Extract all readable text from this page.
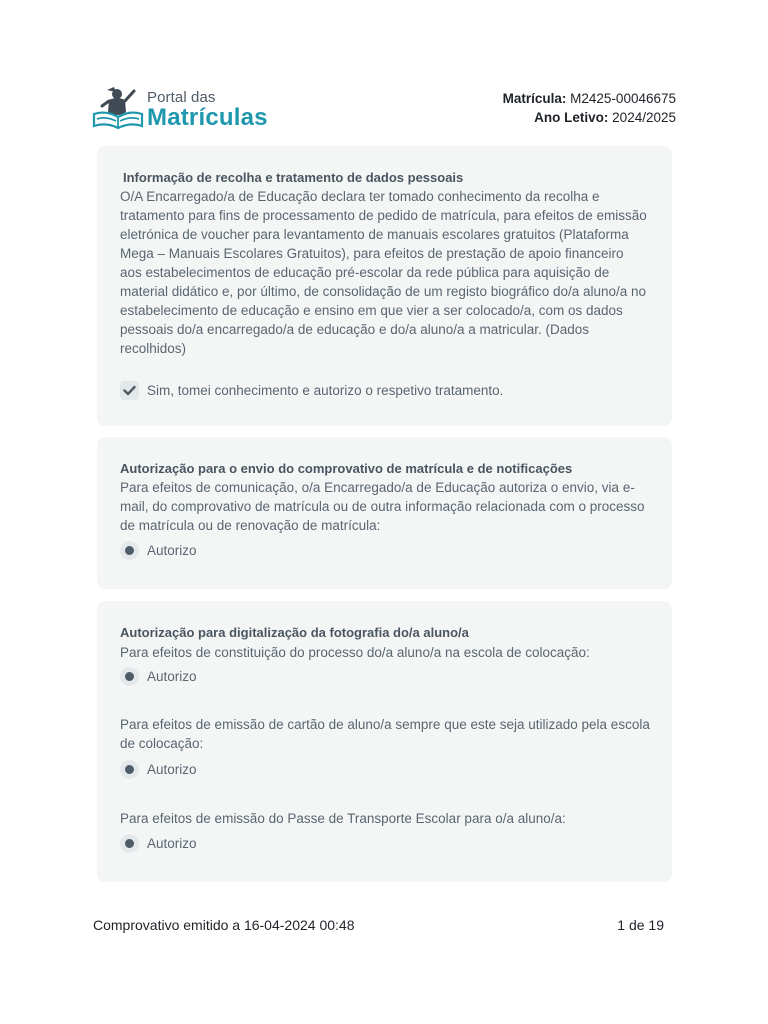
Portal das
Matrículas
Matrícula: M2425-00046675
Ano Letivo: 2024/2025
Informação de recolha e tratamento de dados pessoais
O/A Encarregado/a de Educação declara ter tomado conhecimento da recolha e tratamento para fins de processamento de pedido de matrícula, para efeitos de emissão eletrónica de voucher para levantamento de manuais escolares gratuitos (Plataforma Mega – Manuais Escolares Gratuitos), para efeitos de prestação de apoio financeiro aos estabelecimentos de educação pré-escolar da rede pública para aquisição de material didático e, por último, de consolidação de um registo biográfico do/a aluno/a no estabelecimento de educação e ensino em que vier a ser colocado/a, com os dados pessoais do/a encarregado/a de educação e do/a aluno/a a matricular. (Dados recolhidos)
Sim, tomei conhecimento e autorizo o respetivo tratamento.
Autorização para o envio do comprovativo de matrícula e de notificações
Para efeitos de comunicação, o/a Encarregado/a de Educação autoriza o envio, via e-mail, do comprovativo de matrícula ou de outra informação relacionada com o processo de matrícula ou de renovação de matrícula:
Autorizo
Autorização para digitalização da fotografia do/a aluno/a
Para efeitos de constituição do processo do/a aluno/a na escola de colocação:
Autorizo
Para efeitos de emissão de cartão de aluno/a sempre que este seja utilizado pela escola de colocação:
Autorizo
Para efeitos de emissão do Passe de Transporte Escolar para o/a aluno/a:
Autorizo
Comprovativo emitido a 16-04-2024 00:48	1 de 19
